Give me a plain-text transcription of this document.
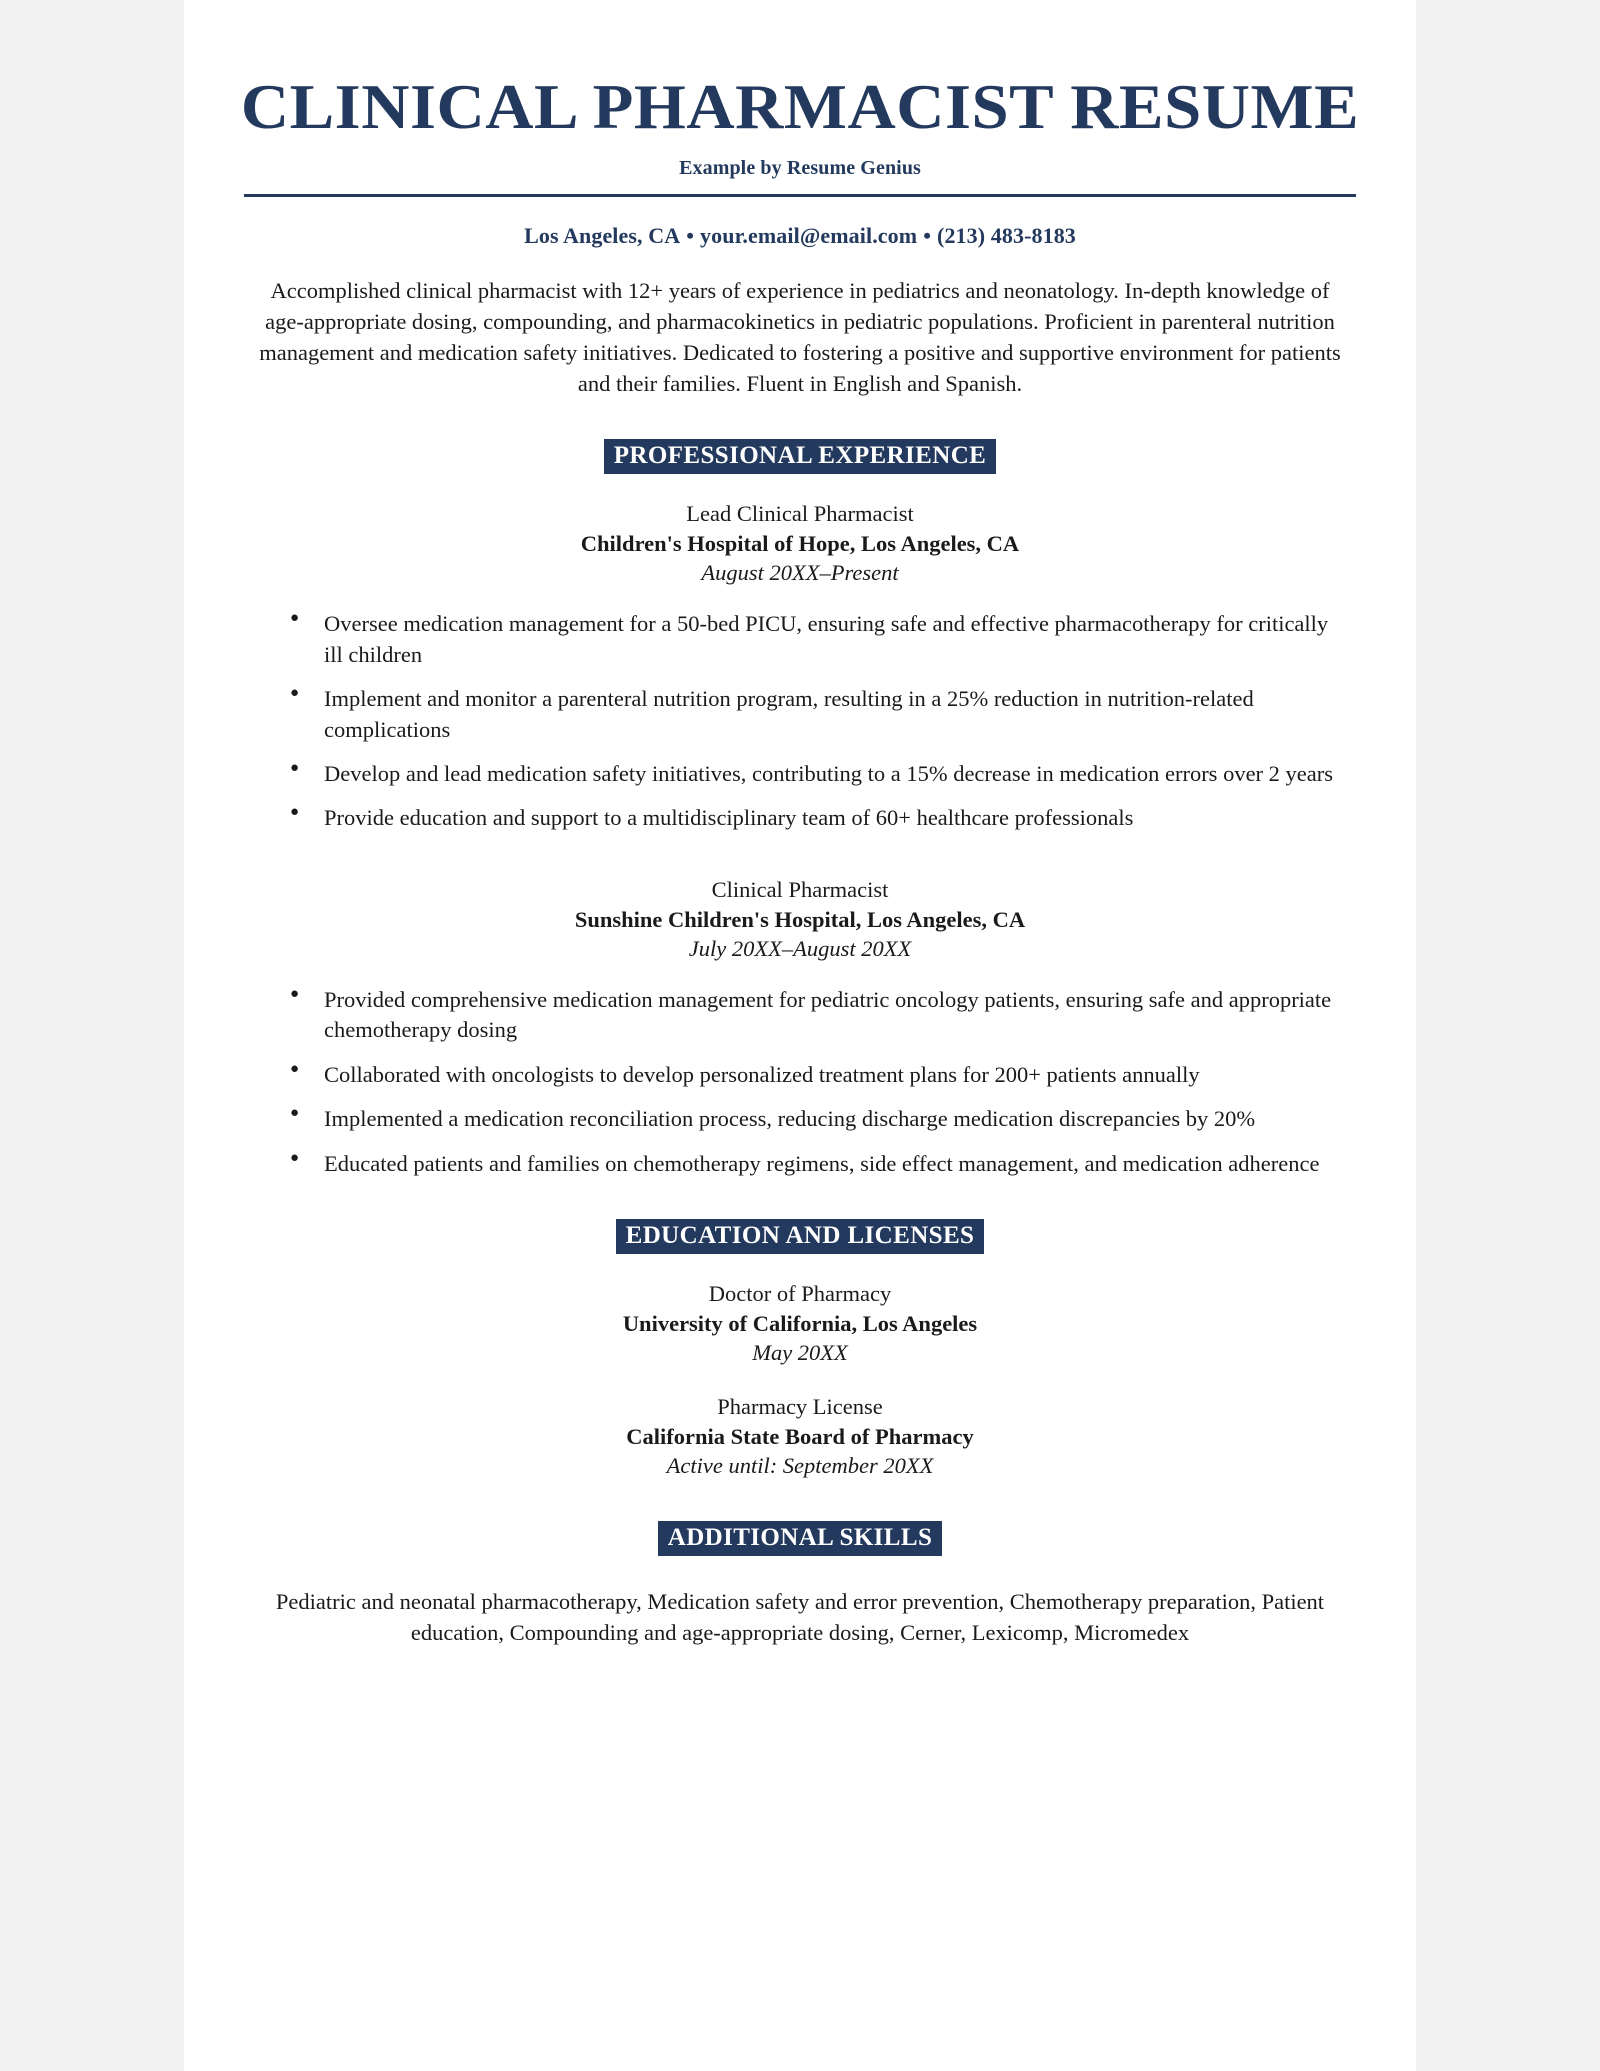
CLINICAL PHARMACIST RESUME
Example by Resume Genius
Los Angeles, CA • your.email@email.com • (213) 483-8183

Accomplished clinical pharmacist with 12+ years of experience in pediatrics and neonatology. In-depth knowledge of age-appropriate dosing, compounding, and pharmacokinetics in pediatric populations. Proficient in parenteral nutrition management and medication safety initiatives. Dedicated to fostering a positive and supportive environment for patients and their families. Fluent in English and Spanish.

PROFESSIONAL EXPERIENCE
Lead Clinical Pharmacist
Children's Hospital of Hope, Los Angeles, CA
August 20XX–Present
● Oversee medication management for a 50-bed PICU, ensuring safe and effective pharmacotherapy for critically ill children
● Implement and monitor a parenteral nutrition program, resulting in a 25% reduction in nutrition-related complications
● Develop and lead medication safety initiatives, contributing to a 15% decrease in medication errors over 2 years
● Provide education and support to a multidisciplinary team of 60+ healthcare professionals
Clinical Pharmacist
Sunshine Children's Hospital, Los Angeles, CA
July 20XX–August 20XX
● Provided comprehensive medication management for pediatric oncology patients, ensuring safe and appropriate chemotherapy dosing
● Collaborated with oncologists to develop personalized treatment plans for 200+ patients annually
● Implemented a medication reconciliation process, reducing discharge medication discrepancies by 20%
● Educated patients and families on chemotherapy regimens, side effect management, and medication adherence
EDUCATION AND LICENSES
Doctor of Pharmacy
University of California, Los Angeles
May 20XX
Pharmacy License
California State Board of Pharmacy
Active until: September 20XX
ADDITIONAL SKILLS

Pediatric and neonatal pharmacotherapy, Medication safety and error prevention, Chemotherapy preparation, Patient education, Compounding and age-appropriate dosing, Cerner, Lexicomp, Micromedex
